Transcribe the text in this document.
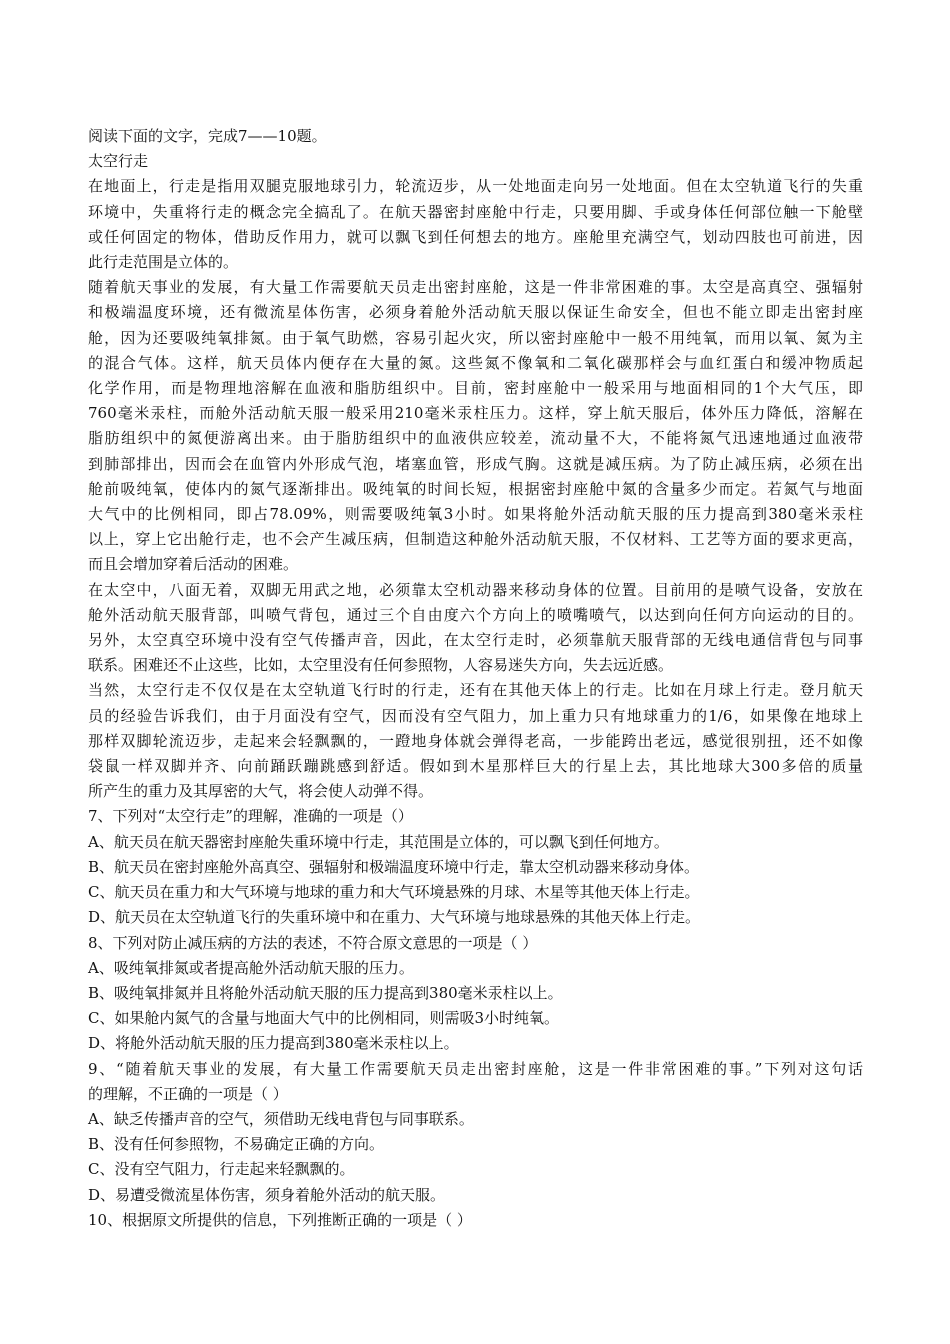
阅读下面的文字，完成7——10题。
太空行走
在地面上，行走是指用双腿克服地球引力，轮流迈步，从一处地面走向另一处地面。但在太空轨道飞行的失重
环境中，失重将行走的概念完全搞乱了。在航天器密封座舱中行走，只要用脚、手或身体任何部位触一下舱壁
或任何固定的物体，借助反作用力，就可以飘飞到任何想去的地方。座舱里充满空气，划动四肢也可前进，因
此行走范围是立体的。
随着航天事业的发展，有大量工作需要航天员走出密封座舱，这是一件非常困难的事。太空是高真空、强辐射
和极端温度环境，还有微流星体伤害，必须身着舱外活动航天服以保证生命安全，但也不能立即走出密封座
舱，因为还要吸纯氧排氮。由于氧气助燃，容易引起火灾，所以密封座舱中一般不用纯氧，而用以氧、氮为主
的混合气体。这样，航天员体内便存在大量的氮。这些氮不像氧和二氧化碳那样会与血红蛋白和缓冲物质起
化学作用，而是物理地溶解在血液和脂肪组织中。目前，密封座舱中一般采用与地面相同的1个大气压，即
760毫米汞柱，而舱外活动航天服一般采用210毫米汞柱压力。这样，穿上航天服后，体外压力降低，溶解在
脂肪组织中的氮便游离出来。由于脂肪组织中的血液供应较差，流动量不大，不能将氮气迅速地通过血液带
到肺部排出，因而会在血管内外形成气泡，堵塞血管，形成气胸。这就是减压病。为了防止减压病，必须在出
舱前吸纯氧，使体内的氮气逐渐排出。吸纯氧的时间长短，根据密封座舱中氮的含量多少而定。若氮气与地面
大气中的比例相同，即占78.09%，则需要吸纯氧3小时。如果将舱外活动航天服的压力提高到380毫米汞柱
以上，穿上它出舱行走，也不会产生减压病，但制造这种舱外活动航天服，不仅材料、工艺等方面的要求更高，
而且会增加穿着后活动的困难。
在太空中，八面无着，双脚无用武之地，必须靠太空机动器来移动身体的位置。目前用的是喷气设备，安放在
舱外活动航天服背部，叫喷气背包，通过三个自由度六个方向上的喷嘴喷气，以达到向任何方向运动的目的。
另外，太空真空环境中没有空气传播声音，因此，在太空行走时，必须靠航天服背部的无线电通信背包与同事
联系。困难还不止这些，比如，太空里没有任何参照物，人容易迷失方向，失去远近感。
当然，太空行走不仅仅是在太空轨道飞行时的行走，还有在其他天体上的行走。比如在月球上行走。登月航天
员的经验告诉我们，由于月面没有空气，因而没有空气阻力，加上重力只有地球重力的1/6，如果像在地球上
那样双脚轮流迈步，走起来会轻飘飘的，一蹬地身体就会弹得老高，一步能跨出老远，感觉很别扭，还不如像
袋鼠一样双脚并齐、向前踊跃蹦跳感到舒适。假如到木星那样巨大的行星上去，其比地球大300多倍的质量
所产生的重力及其厚密的大气，将会使人动弹不得。
7、下列对“太空行走”的理解，准确的一项是（）
A、航天员在航天器密封座舱失重环境中行走，其范围是立体的，可以飘飞到任何地方。
B、航天员在密封座舱外高真空、强辐射和极端温度环境中行走，靠太空机动器来移动身体。
C、航天员在重力和大气环境与地球的重力和大气环境悬殊的月球、木星等其他天体上行走。
D、航天员在太空轨道飞行的失重环境中和在重力、大气环境与地球悬殊的其他天体上行走。
8、下列对防止减压病的方法的表述，不符合原文意思的一项是（ ）
A、吸纯氧排氮或者提高舱外活动航天服的压力。
B、吸纯氧排氮并且将舱外活动航天服的压力提高到380毫米汞柱以上。
C、如果舱内氮气的含量与地面大气中的比例相同，则需吸3小时纯氧。
D、将舱外活动航天服的压力提高到380毫米汞柱以上。
9、“随着航天事业的发展，有大量工作需要航天员走出密封座舱，这是一件非常困难的事。”下列对这句话
的理解，不正确的一项是（ ）
A、缺乏传播声音的空气，须借助无线电背包与同事联系。
B、没有任何参照物，不易确定正确的方向。
C、没有空气阻力，行走起来轻飘飘的。
D、易遭受微流星体伤害，须身着舱外活动的航天服。
10、根据原文所提供的信息，下列推断正确的一项是（ ）
